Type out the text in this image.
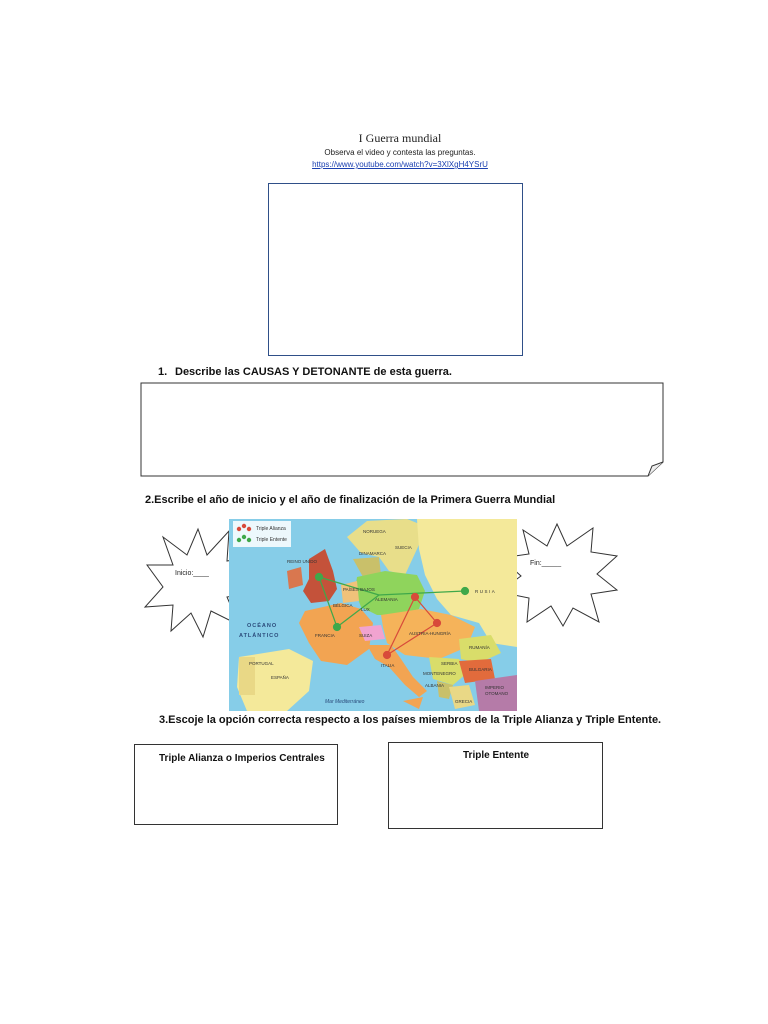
I Guerra mundial
Observa el video y contesta las preguntas.
https://www.youtube.com/watch?v=3XlXgH4YSrU
1. Describe las CAUSAS Y DETONANTE de esta guerra.
2.Escribe el año de inicio y el año de finalización de la Primera Guerra Mundial
Inicio:____
Fin:_____
Triple Alianza
Triple Entente
NORUEGA
SUECIA
DINAMARCA
REINO UNIDO
PAÍSES BAJOS
BÉLGICA
LUX
ALEMANIA
RUSIA
FRANCIA	SUIZA	AUSTRIA-HUNGRÍA
RUMANÍA
PORTUGAL
ESPAÑA
ITALIA	SERBIA
MONTENEGRO
BULGARIA
ALBANIA
GRECIA
IMPERIO
OTOMANO
OCÉANO
ATLÁNTICO
Mar Mediterráneo
3.Escoje la opción correcta respecto a los países miembros de la Triple Alianza y Triple Entente.
Triple Alianza o Imperios Centrales	Triple Entente
